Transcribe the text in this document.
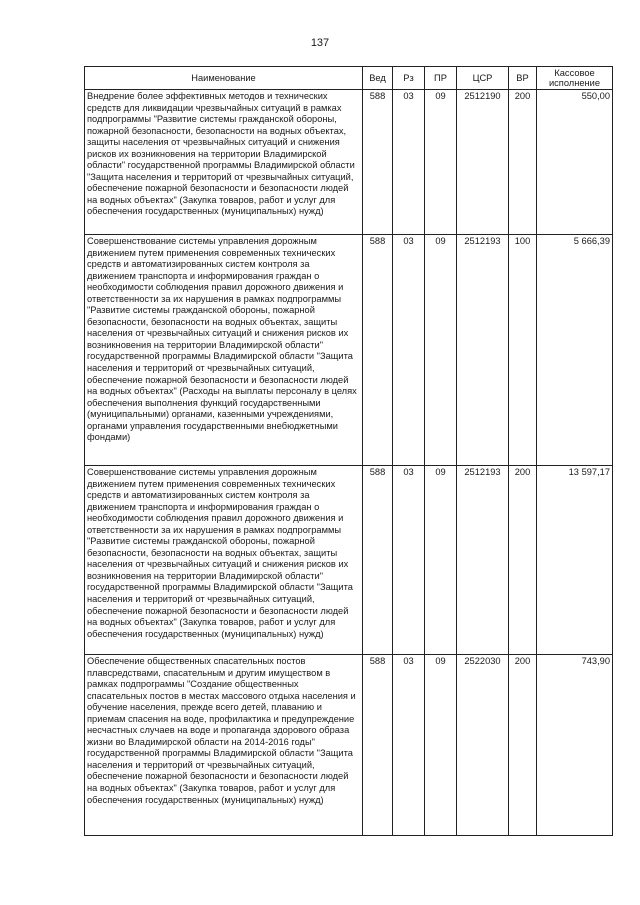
137
Наименование	Вед	Рз	ПР	ЦСР	ВР	Кассовое исполнение
Внедрение более эффективных методов и технических средств для ликвидации чрезвычайных ситуаций в рамках подпрограммы "Развитие системы гражданской обороны, пожарной безопасности, безопасности на водных объектах, защиты населения от чрезвычайных ситуаций и снижения рисков их возникновения на территории Владимирской области" государственной программы Владимирской области "Защита населения и территорий от чрезвычайных ситуаций, обеспечение пожарной безопасности и безопасности людей на водных объектах" (Закупка товаров, работ и услуг для обеспечения государственных (муниципальных) нужд)	588	03	09	2512190	200	550,00
Совершенствование системы управления дорожным движением путем применения современных технических средств и автоматизированных систем контроля за движением транспорта и информирования граждан о необходимости соблюдения правил дорожного движения и ответственности за их нарушения в рамках подпрограммы "Развитие системы гражданской обороны, пожарной безопасности, безопасности на водных объектах, защиты населения от чрезвычайных ситуаций и снижения рисков их возникновения на территории Владимирской области" государственной программы Владимирской области "Защита населения и территорий от чрезвычайных ситуаций, обеспечение пожарной безопасности и безопасности людей на водных объектах" (Расходы на выплаты персоналу в целях обеспечения выполнения функций государственными (муниципальными) органами, казенными учреждениями, органами управления государственными внебюджетными фондами)	588	03	09	2512193	100	5 666,39
Совершенствование системы управления дорожным движением путем применения современных технических средств и автоматизированных систем контроля за движением транспорта и информирования граждан о необходимости соблюдения правил дорожного движения и ответственности за их нарушения в рамках подпрограммы "Развитие системы гражданской обороны, пожарной безопасности, безопасности на водных объектах, защиты населения от чрезвычайных ситуаций и снижения рисков их возникновения на территории Владимирской области" государственной программы Владимирской области "Защита населения и территорий от чрезвычайных ситуаций, обеспечение пожарной безопасности и безопасности людей на водных объектах" (Закупка товаров, работ и услуг для обеспечения государственных (муниципальных) нужд)	588	03	09	2512193	200	13 597,17
Обеспечение общественных спасательных постов плавсредствами, спасательным и другим имуществом в рамках подпрограммы "Создание общественных спасательных постов в местах массового отдыха населения и обучение населения, прежде всего детей, плаванию и приемам спасения на воде, профилактика и предупреждение несчастных случаев на воде и пропаганда здорового образа жизни во Владимирской области на 2014-2016 годы" государственной программы Владимирской области "Защита населения и территорий от чрезвычайных ситуаций, обеспечение пожарной безопасности и безопасности людей на водных объектах" (Закупка товаров, работ и услуг для обеспечения государственных (муниципальных) нужд)	588	03	09	2522030	200	743,90
